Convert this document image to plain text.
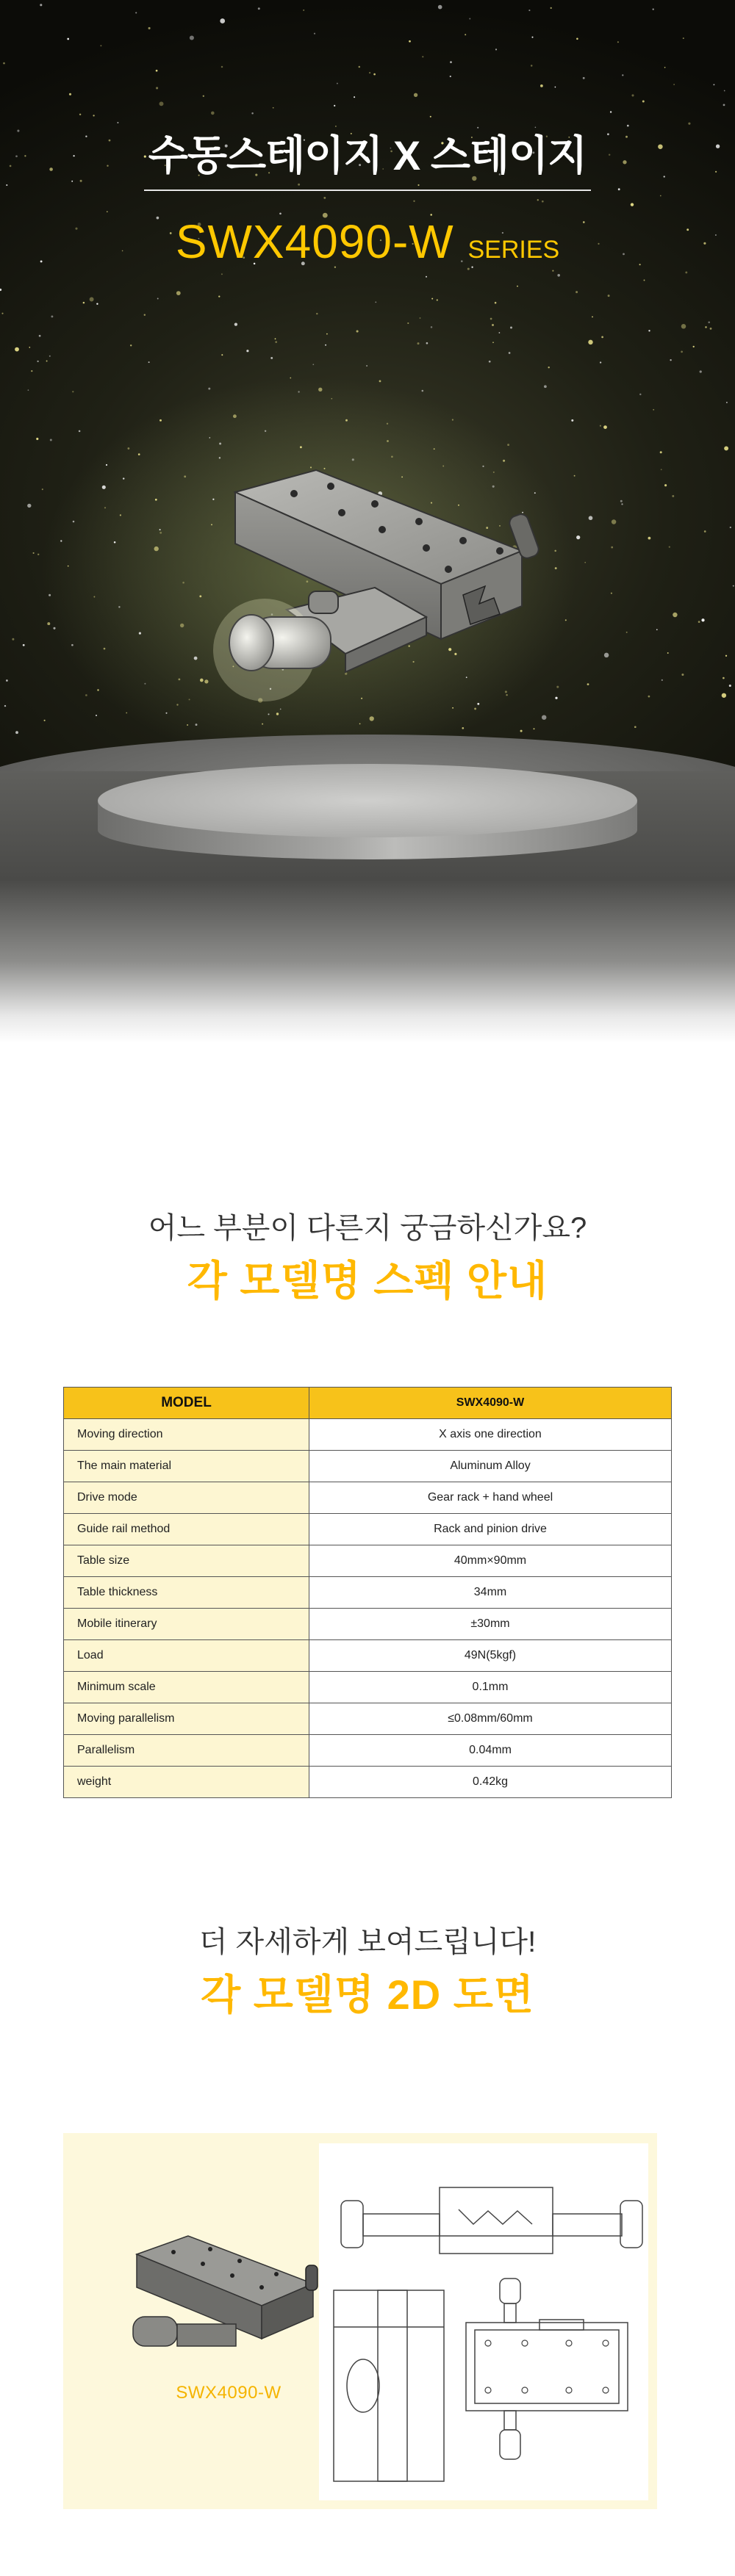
수동스테이지 X 스테이지
SWX4090-W SERIES
어느 부분이 다른지 궁금하신가요?
각 모델명 스펙 안내
MODEL	SWX4090-W
Moving direction	X axis one direction
The main material	Aluminum Alloy
Drive mode	Gear rack + hand wheel
Guide rail method	Rack and pinion drive
Table size	40mm×90mm
Table thickness	34mm
Mobile itinerary	±30mm
Load	49N(5kgf)
Minimum scale	0.1mm
Moving parallelism	≤0.08mm/60mm
Parallelism	0.04mm
weight	0.42kg
더 자세하게 보여드립니다!
각 모델명 2D 도면
SWX4090-W
